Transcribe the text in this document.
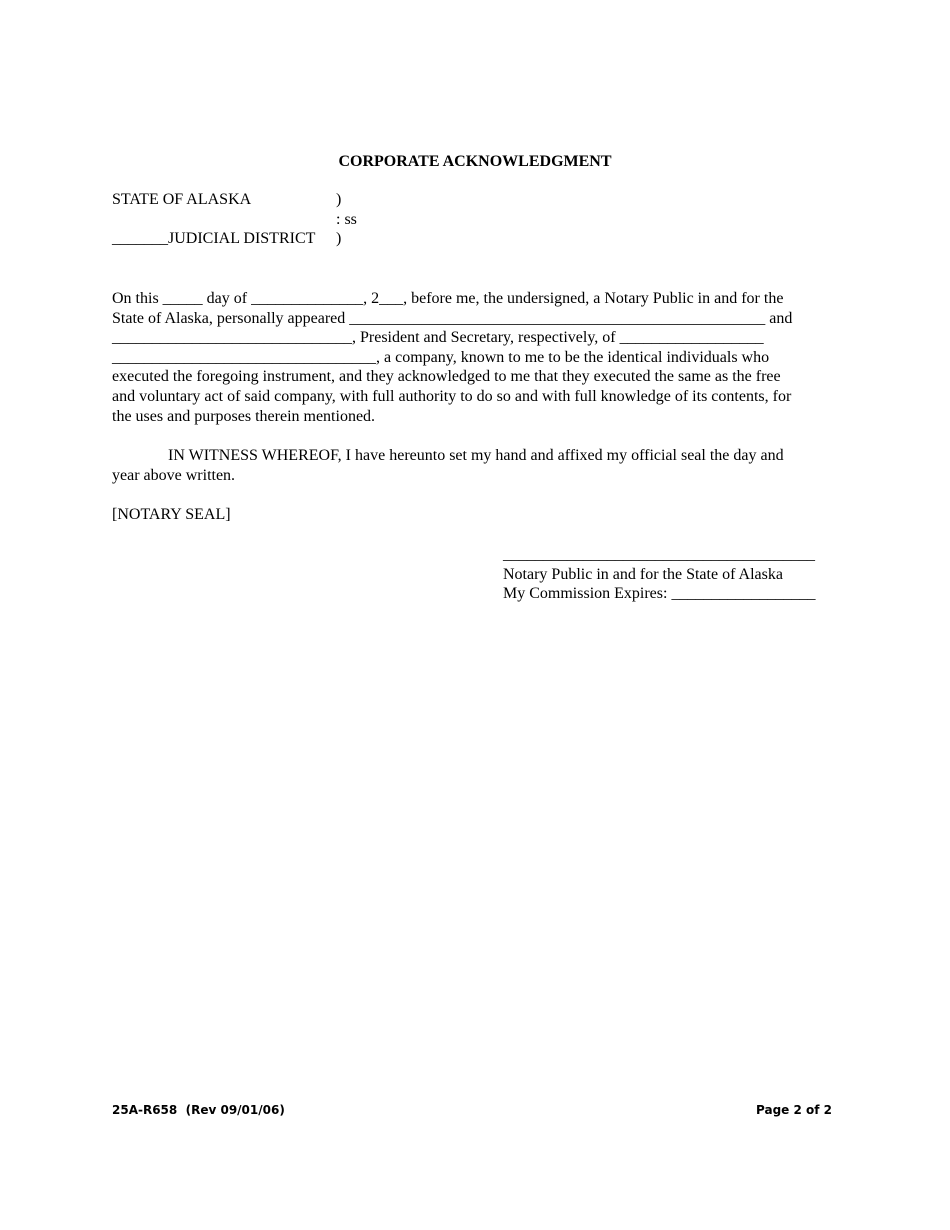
CORPORATE ACKNOWLEDGMENT
STATE OF ALASKA	)
: ss
_______JUDICIAL DISTRICT )
On this _____ day of ______________, 2___, before me, the undersigned, a Notary Public in and for the
State of Alaska, personally appeared ____________________________________________________ and
______________________________, President and Secretary, respectively, of __________________
_________________________________, a company, known to me to be the identical individuals who
executed the foregoing instrument, and they acknowledged to me that they executed the same as the free
and voluntary act of said company, with full authority to do so and with full knowledge of its contents, for
the uses and purposes therein mentioned.
IN WITNESS WHEREOF, I have hereunto set my hand and affixed my official seal the day and
year above written.
[NOTARY SEAL]
_______________________________________
Notary Public in and for the State of Alaska
My Commission Expires: __________________
25A-R658  (Rev 09/01/06)	Page 2 of 2
